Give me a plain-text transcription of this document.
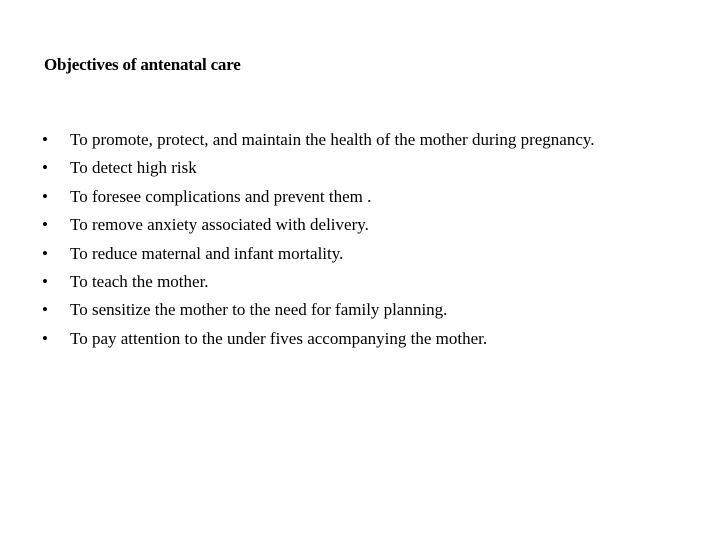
Objectives of antenatal care
•	To promote, protect, and maintain the health of the mother during pregnancy.
•	To detect high risk
•	To foresee complications and prevent them .
•	To remove anxiety associated with delivery.
•	To reduce maternal and infant mortality.
•	To teach the mother.
•	To sensitize the mother to the need for family planning.
•	To pay attention to the under fives accompanying the mother.
